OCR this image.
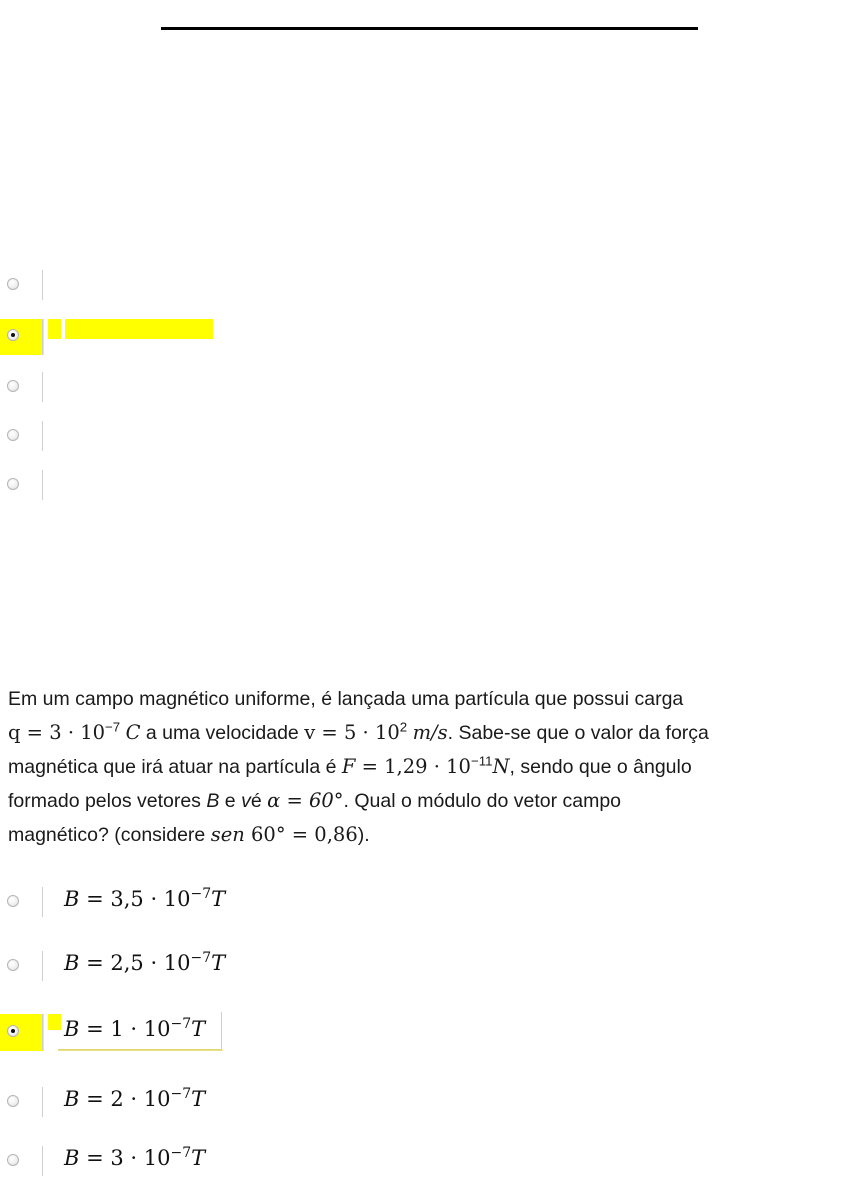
Em um campo magnético uniforme, é lançada uma partícula que possui carga
$q = 3 \cdot 10^{-7}$ C a uma velocidade $v = 5 \cdot 10^2$ m/s. Sabe-se que o valor da força
magnética que irá atuar na partícula é $F = 1,29 \cdot 10^{-11}N$, sendo que o ângulo
formado pelos vetores B e vé α = 60°. Qual o módulo do vetor campo
magnético? (considere sen 60° = 0,86).
$B = 3,5 \cdot 10^{-7}T$
$B = 2,5 \cdot 10^{-7}T$
$B = 1 \cdot 10^{-7}T$
$B = 2 \cdot 10^{-7}T$
$B = 3 \cdot 10^{-7}T$
